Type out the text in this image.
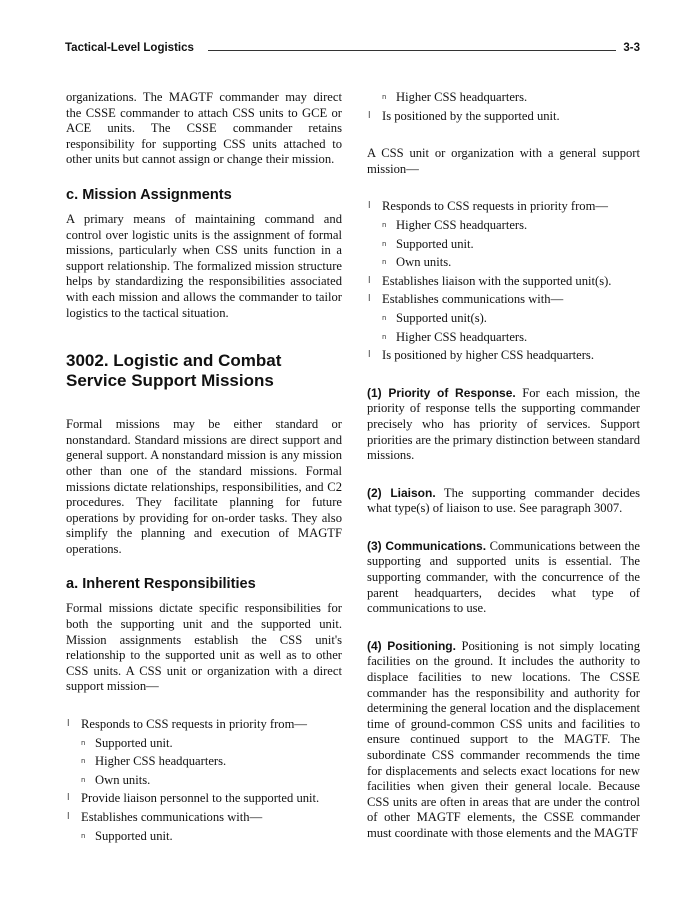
Tactical-Level Logistics	3-3

organizations. The MAGTF commander may direct the CSSE commander to attach CSS units to GCE or ACE units. The CSSE commander retains responsibility for supporting CSS units attached to other units but cannot assign or change their mission.

c. Mission Assignments

A primary means of maintaining command and control over logistic units is the assignment of formal missions, particularly when CSS units function in a support relationship. The formalized mission structure helps by standardizing the responsibilities associated with each mission and allows the commander to tailor logistics to the tactical situation.

3002. Logistic and Combat Service Support Missions

Formal missions may be either standard or nonstandard. Standard missions are direct support and general support. A nonstandard mission is any mission other than one of the standard missions. Formal missions dictate relationships, responsibilities, and C2 procedures. They facilitate planning for future operations by providing for on-order tasks. They also simplify the planning and execution of MAGTF operations.

a. Inherent Responsibilities

Formal missions dictate specific responsibilities for both the supporting unit and the supported unit. Mission assignments establish the CSS unit's relationship to the supported unit as well as to other CSS units. A CSS unit or organization with a direct support mission—

l Responds to CSS requests in priority from—
n Supported unit.
n Higher CSS headquarters.
n Own units.
l Provide liaison personnel to the supported unit.
l Establishes communications with—
n Supported unit.
n Higher CSS headquarters.
l Is positioned by the supported unit.

A CSS unit or organization with a general support mission—

l Responds to CSS requests in priority from—
n Higher CSS headquarters.
n Supported unit.
n Own units.
l Establishes liaison with the supported unit(s).
l Establishes communications with—
n Supported unit(s).
n Higher CSS headquarters.
l Is positioned by higher CSS headquarters.

(1) Priority of Response. For each mission, the priority of response tells the supporting commander precisely who has priority of services. Support priorities are the primary distinction between standard missions.

(2) Liaison. The supporting commander decides what type(s) of liaison to use. See paragraph 3007.

(3) Communications. Communications between the supporting and supported units is essential. The supporting commander, with the concurrence of the parent headquarters, decides what type of communications to use.

(4) Positioning. Positioning is not simply locating facilities on the ground. It includes the authority to displace facilities to new locations. The CSSE commander has the responsibility and authority for determining the general location and the displacement time of ground-common CSS units and facilities to ensure continued support to the MAGTF. The subordinate CSS commander recommends the time for displacements and selects exact locations for new facilities when given their general locale. Because CSS units are often in areas that are under the control of other MAGTF elements, the CSSE commander must coordinate with those elements and the MAGTF
